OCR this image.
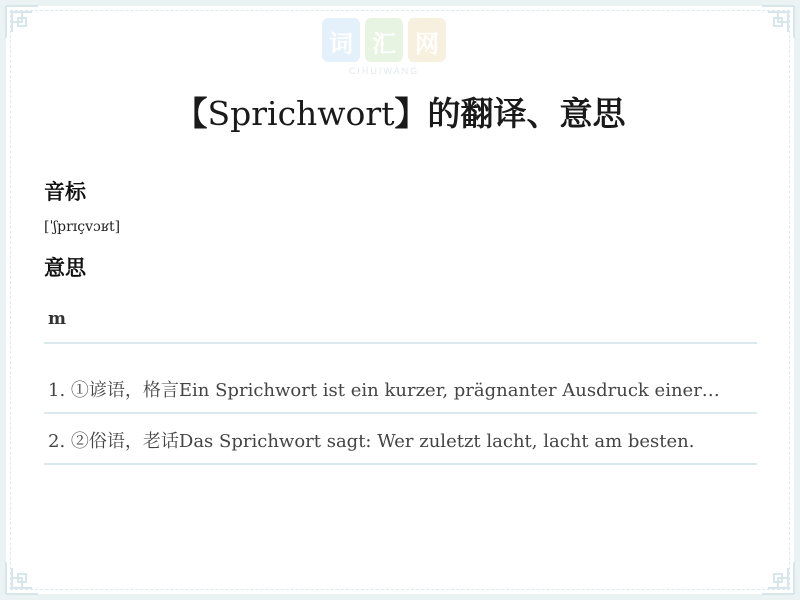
词 汇 网
CIHUIWANG
【Sprichwort】的翻译、意思
音标
[ˈʃprɪçvɔʁt]
意思
m
1. ①谚语，格言Ein Sprichwort ist ein kurzer, prägnanter Ausdruck einer…
2. ②俗语，老话Das Sprichwort sagt: Wer zuletzt lacht, lacht am besten.
